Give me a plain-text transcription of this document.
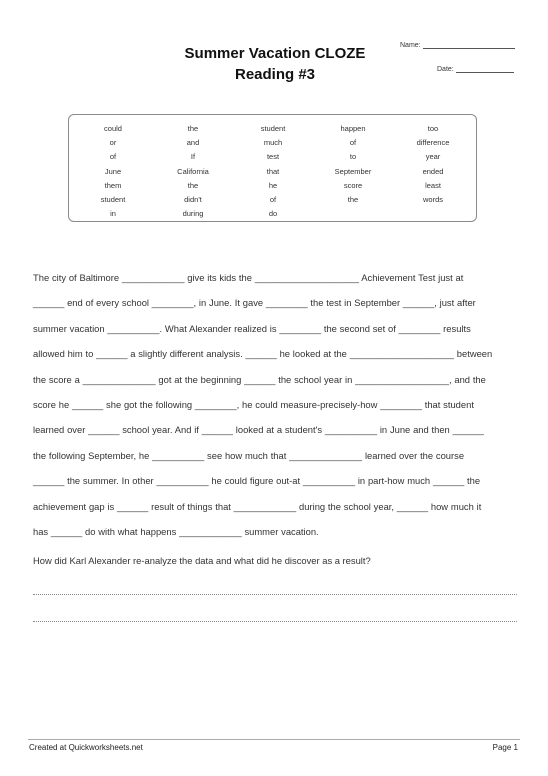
Summer Vacation CLOZE
Reading #3
Name:
Date:
could	the	student	happen	too
or	and	much	of	difference
of	If	test	to	year
June	California	that	September	ended
them	the	he	score	least
student	didn't	of	the	words
in	during	do
The city of Baltimore ____________ give its kids the ____________________ Achievement Test just at
______ end of every school ________, in June. It gave ________ the test in September ______, just after
summer vacation __________. What Alexander realized is ________ the second set of ________ results
allowed him to ______ a slightly different analysis. ______ he looked at the ____________________ between
the score a ______________ got at the beginning ______ the school year in __________________, and the
score he ______ she got the following ________, he could measure-precisely-how ________ that student
learned over ______ school year. And if ______ looked at a student's __________ in June and then ______
the following September, he __________ see how much that ______________ learned over the course
______ the summer. In other __________ he could figure out-at __________ in part-how much ______ the
achievement gap is ______ result of things that ____________ during the school year, ______ how much it
has ______ do with what happens ____________ summer vacation.
How did Karl Alexander re-analyze the data and what did he discover as a result?
Created at Quickworksheets.net	Page 1
